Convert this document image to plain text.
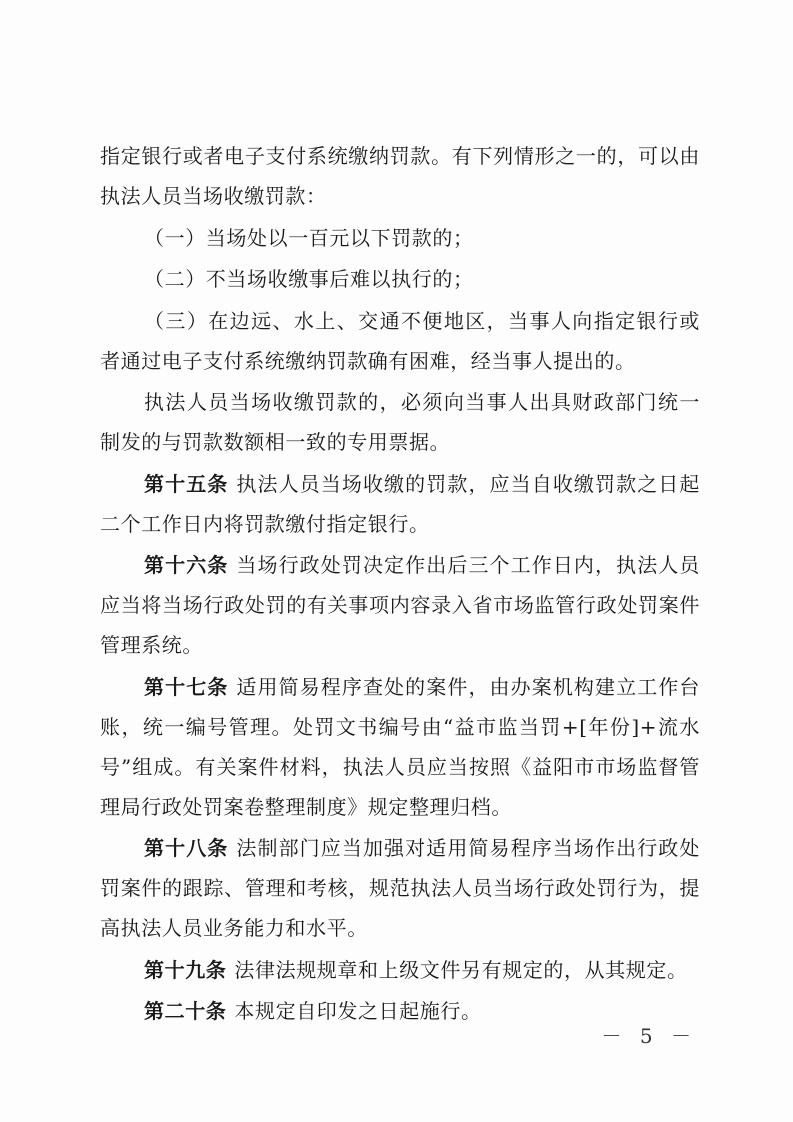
指定银行或者电子支付系统缴纳罚款。有下列情形之一的，可以由执法人员当场收缴罚款：

（一）当场处以一百元以下罚款的；

（二）不当场收缴事后难以执行的；

（三）在边远、水上、交通不便地区，当事人向指定银行或者通过电子支付系统缴纳罚款确有困难，经当事人提出的。

执法人员当场收缴罚款的，必须向当事人出具财政部门统一制发的与罚款数额相一致的专用票据。

第十五条 执法人员当场收缴的罚款，应当自收缴罚款之日起二个工作日内将罚款缴付指定银行。

第十六条 当场行政处罚决定作出后三个工作日内，执法人员应当将当场行政处罚的有关事项内容录入省市场监管行政处罚案件管理系统。

第十七条 适用简易程序查处的案件，由办案机构建立工作台账，统一编号管理。处罚文书编号由“益市监当罚+[年份]+流水号”组成。有关案件材料，执法人员应当按照《益阳市市场监督管理局行政处罚案卷整理制度》规定整理归档。

第十八条 法制部门应当加强对适用简易程序当场作出行政处罚案件的跟踪、管理和考核，规范执法人员当场行政处罚行为，提高执法人员业务能力和水平。

第十九条 法律法规规章和上级文件另有规定的，从其规定。

第二十条 本规定自印发之日起施行。

－ 5 －
